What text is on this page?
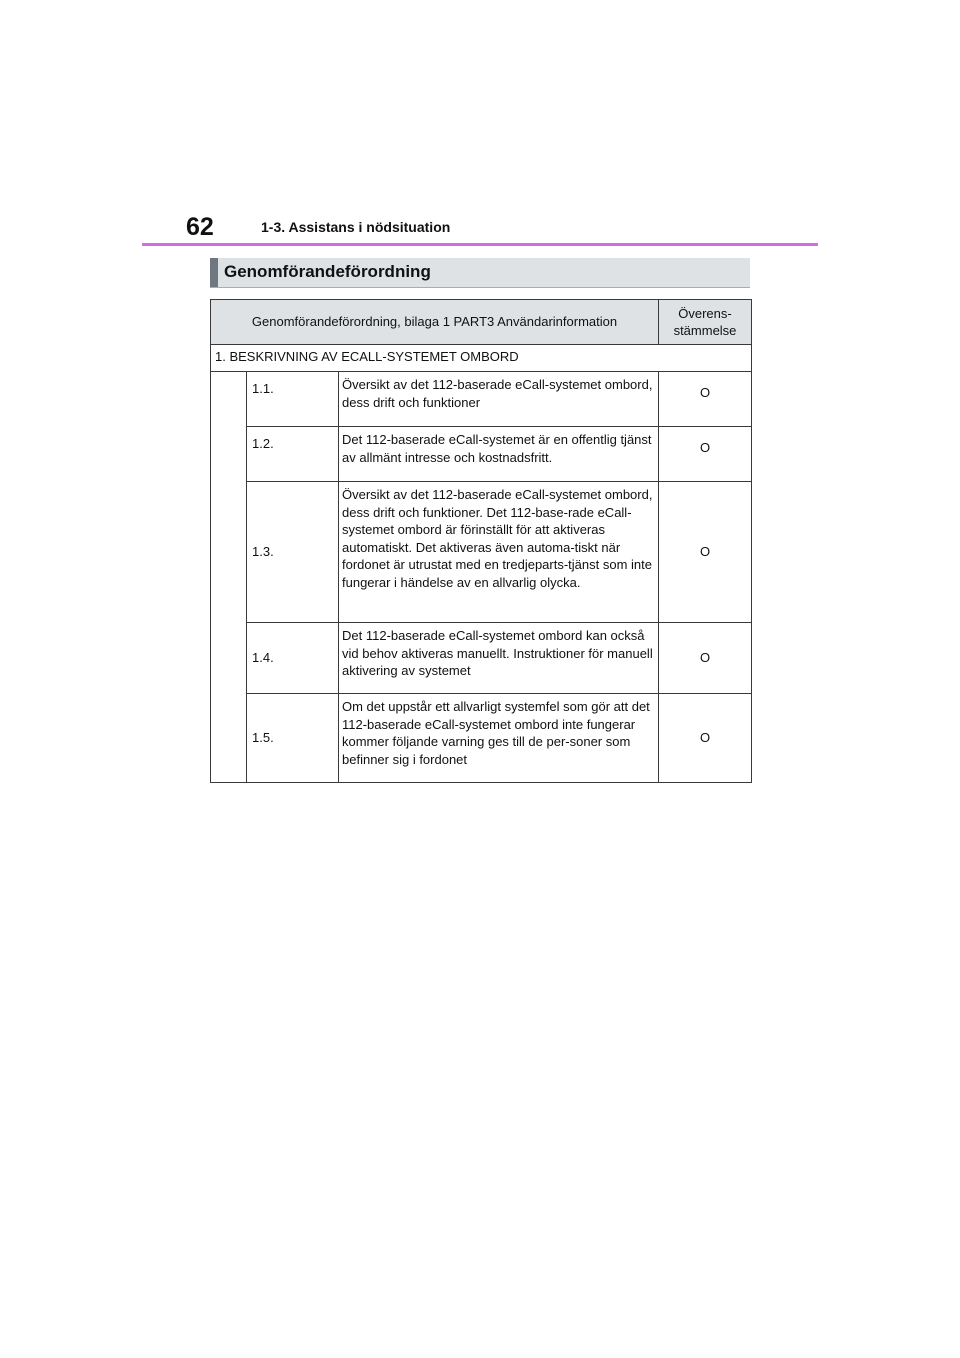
62	1-3. Assistans i nödsituation
Genomförandeförordning
Genomförandeförordning, bilaga 1 PART3 Användarinformation			Överens-
stämmelse
1. BESKRIVNING AV ECALL-SYSTEMET OMBORD			
	1.1.	Översikt av det 112-baserade eCall-systemet ombord, dess drift och funktioner	O
	1.2.	Det 112-baserade eCall-systemet är en offentlig tjänst av allmänt intresse och kostnadsfritt.	O
	1.3.	Översikt av det 112-baserade eCall-systemet ombord, dess drift och funktioner. Det 112-base-rade eCall-systemet ombord är förinställt för att aktiveras automatiskt. Det aktiveras även automa-tiskt när fordonet är utrustat med en tredjeparts-tjänst som inte fungerar i händelse av en allvarlig olycka.	O
	1.4.	Det 112-baserade eCall-systemet ombord kan också vid behov aktiveras manuellt. Instruktioner för manuell aktivering av systemet	O
	1.5.	Om det uppstår ett allvarligt systemfel som gör att det 112-baserade eCall-systemet ombord inte fungerar kommer följande varning ges till de per-soner som befinner sig i fordonet	O
